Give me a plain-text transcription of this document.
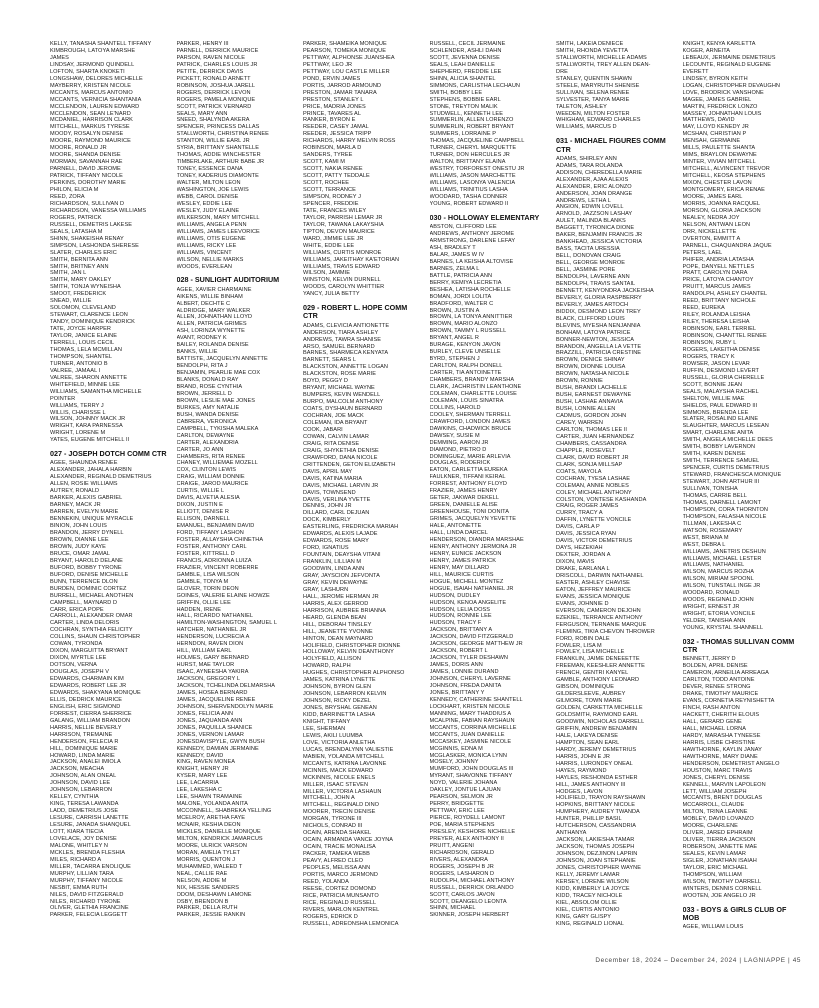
KELLY, TANASHA SHANTELL TIFFANY
KIMBROUGH, LATOYA MARSHE
JAMES
LINDSAY, JERMOND QUINDELL
LOFTON, SHARTA KNOKETI
LONGSHAW, DELORES MICHELLE
MAYBERRY, KRISTEN NICOLE
MCCANTS, MARCUS ANTONIO
MCCANTS, VERNICIA SHANTANIA
MCCLENDON, LAUREN EDWARD
MCCLENDON, SEAN LE'NARD
MCDANIEL, HARRISON CLARK
MITCHELL, MARKUS TYRESE
MOODY, ROSALYN DENISE
MOORE, RAYMOND MAURICE
MOORE, RONALD JR
MOORE, SHANDA DENISE
MORMAN, SAVANNAH RAE
PARNELL, DAVID JEROME
PATRICK, TIFFANY NICOLE
PERKINS, DOROTHY MARIE
PHILON, ELICIA M
REED, ZORA
RICHARDSON, SULLIVAN D
RICHARDSON, VANESSA WILLIAMS
ROGERS, PATRICK
RUSSELL, DEMETRIS LAKESE
SEALS, LATASHA M
SHINN, SHAKEISHA RENAY
SIMPSON, LASHONDA SHERESE
SLATER, CHARLES ERIC
SMITH, BERNITA ANN
SMITH, BRITNEY ANN
SMITH, JAN L
SMITH, MARY OAKLEY
SMITH, TONJA WYNEISHA
SMOOT, FREDERICK
SNEAD, WILLIE
SOLOMON, CLEVELAND
STEWART, CLARENCE LEON
TANDY, DOMINIQUE KENDRICK
TATE, JOYCE HARPER
TAYLOR, JANICE ELAINE
TERRELL, LOUIS CECIL
THOMAS, LELA MCMILLAN
THOMPSON, SHANTEL
TURNER, ANTONIO B
VALREE, JAMAAL I
VALREE, SHARON ANNETTE
WHITEFIELD, MINNIE LEE
WILLIAMS, SAMANTHA MICHELLE
POINTER
WILLIAMS, TERRY J
WILLIS, CHARISSE L
WILSON, JOHNNY MACK JR
WRIGHT, KARA PARNESSA
WRIGHT, LORENE M
YATES, EUGENE MITCHELL II
027 - JOSEPH DOTCH COMM CTR
AGEE, SHAUNDA RENEE
ALEXANDER, JAHALA HARBIN
ALEXANDER, REGINALD DEMETRIUS
ALLEN, ROSIE WILLIAMS
AUTREY, RONALD
BARKER, ALEXIS GABRIEL
BARNEY, MACK JR
BARREN, EVELYN MARIE
BENNEKIN, UNIQUE MYRACLE
BINION, JOHN LOUIS
BRANDON, JERRY DYNELL
BROWN, DIANNE LEE
BROWN, JUDY KAYE
BRUCE, OMAR JAMAL
BRYANT, HAROLD DELANE
BUFORD, BOBBY TYRONE
BUFORD, DENISE MICHELLE
BUNN, TERRENCE DLON
BURDEN, DOMINIC CORTEZ
BURRELL, MICHAEL ANOTHEN
CAMPBELL, MAYNARD D
CARR, ERICA POPE
CARROLL, ALEXANDER OMAR
CARTER, LINDA DELORIS
COCHRAN, SYNTHIA FELICITY
COLLINS, SHAUN CHRISTOPHER
COWAN, TYRONDA
DIXON, MARGUITTA BRYANT
DIXON, MYRTLE LEE
DOTSON, VERNA
DOUGLAS, JOSEPH V
EDWARDS, CHARMAIN KIM
EDWARDS, ROBERT LEE JR
EDWARDS, SHAKYANA MONIQUE
ELLIS, DEDRICK MAURICE
ENGLISH, ERIC SIGMOND
FORREST, CIERRA SHERRICE
GALANG, WILLIAM BRANDON
HARRIS, NELLIE BEVERLY
HARRISON, TREMAINE
HENDERSON, FELECIA R
HILL, DOMINIQUE MARIE
HOWARD, LINDA MARIE
JACKSON, ANALEI IMIOLA
JACKSON, MEACHA
JOHNSON, ALAN ONEAL
JOHNSON, DAVID LEE
JOHNSON, LEBARRON
KELLEY, CYNTHIA
KING, TERESA LAWANDA
LADD, DEMETRIUS JOSE
LESURE, CARRISH LANETTE
LESURE, JANADA SHANQUEL
LOTT, KIARA TIECIA
LOVELACE, JOY DENISE
MALONE, WHITLEY N
MCKLES, BRENDA FLESHIA
MILES, RICHARD A
MILLER, TACARRA ENOLIQUE
MURPHY, LILLIAN TARA
MURPHY, TIFFANY NICOLE
NESBIT, EMMA RUTH
NILES, DAVID FITZGERALD
NILES, RICHARD TYRONE
OLIVER, GLETHIA FRANCINE
PARKER, FELECIA LEGGETT
PARKER, HENRY III
PARNELL, DERRICK MAURICE
PARSON, RAVEN NICOLE
PATRICK, CHARLES LOUIS JR
PETITE, DERRICK DAVIS
PICKETT, RONALD ARNETT
ROBINSON, JOSHUA JARELL
ROGERS, DERRICK LEVON
ROGERS, PAMELA MONIQUE
SCOTT, PATRICK VERNARD
SEALS, MARY ANN
SNEED, SHALYNDA AKERA
SPENCER, PRINCESS DALLAS
STALLWORTH, CHRISTINA RENEE
STANTON, WILLIE EARL JR
SYRIA, BRITTANY SHANTELLE
THOMAS, ADDIE WINCHESTER
TIMBERLAKE, ARTHUR BABE JR
TONEY, ESSENCE DANA
TONEY, KADERIUS DIAMONTE
WALTER, MILTON LEON
WASHINGTON, JOE LEWIS
WEBB, CAROL DENISE
WESLEY, EDDIE LEE
WESLEY, JUDY ELAINE
WILKERSON, MARY MITCHELL
WILLIAMS, ANGELA PENN
WILLIAMS, JAMES LEEVORICE
WILLIAMS, OTIS EUGENE
WILLIAMS, RICKY LEE
WILLIAMS, VINCENT
WILSON, NELLIE MARKS
WOODS, EVERLEAN
028 - SUNLIGHT AUDITORIUM
AGEE, XAVIER CHARMAINE
AIKENS, WILLIE BINHAM
ALBERT, DECHTE C
ALDRIDGE, MARY WALKER
ALLEN, JOHNATHAN LLOYD
ALLEN, PATRICIA GRIMES
ASH, LORINZA WYNETTE
AVANT, RODNEY K
BAILEY, ROLANDA DENISE
BANKS, WILLIE
BATTISTE, JACQUELYN ANNETTE
BENDOLPH, RITA J
BENJAMIN, PEARLIE MAE COX
BLANKS, DONALD RAY
BRAND, ROSE CYNTHIA
BROWN, JERRELL D
BROWN, LESLIE MAE JONES
BURKES, AMY NATALIE
BUSH, WANDA DENISE
CABRERA, VERONICA
CAMPBELL, TYKISHA MALEKA
CARLTON, DEWAYNE
CARTER, ALEXANDRIA
CARTER, JO ANN
CHAMBERS, RITA RENEE
CHANEY, WILLIEMAE MOZELL
COX, CLINTON LEWIS
CRAIG, WILLIAM DONNIE
CRAIGE, JAROD MAURICE
CURTIS, WILLIE L
DAVIS, ALVETIA ALESIA
DIXON, JUSTIN E
ELLIOTT, DENISE R
ELLISON, DARNELL
EMANUEL, BENJAMIN DAVID
FORD, TIFFANY LASHON
FOSTER, ALLAYSHIA CHINETHA
FOSTER, ANTHONY CARL
FOSTER, KITTRELL D
FRANCIS, ADRIONNA LUIZA
FRAZIER, VINCENT ROBERRE
GAMBLE, LISA WILSON
GAMBLE, TONYA M
GLOVER, TORIN DEON
GOINES, VALERIE ELAINE HOWZE
GRIFFIN, OLLIE LEE
HADDEN, IRENE
HALL, RICARDO NATHANIEL
HAMILTON-WASHINGTON, SAMUEL L
HATCHER, NATHANIEL JR
HENDERSON, LUCRECIA A
HERNDON, RAVEN DION
HILL, WILLIAM EARL
HOLMES, GARY BERNARD
HURST, MAE TAYLOR
ISAAC, AYNEESHA YAKIRA
JACKSON, GREGORY L
JACKSON, TCHELINDA DELMARSHA
JAMES, HOSEA BERNARD
JAMES, JACQUELINE RENEE
JOHNSON, SHERVENDOLYN MARIE
JONES, FELICIA ANN
JONES, JAQUANDA ANN
JONES, PAQUILLA SHANICE
JONES, VERNON LAMAR
JONESDAVISPYLE, GWYN BUSH
KENNEDY, DAMIAN JERMAINE
KENNEDY, DAVID
KING, RAVEN MONEA
KNIGHT, HENRY JR
KYSER, MARY LEE
LEE, LACARRIA
LEE, LAKESHA C
LEE, SHAWN TRAMAINE
MALONE, YOLANDA ANITA
MCCONNELL, SHABREKA YELLING
MCELROY, ARETHA FAYE
MCNAIR, KESHIA DEON
MICKLES, DANIELLE MONIQUE
MILTON, KENDRICK JAMARCUS
MOORE, ULRICK VARSON
MORAN, AMELIA TYLET
MORRIS, QUENTON J
MUHAMMED, WALEED T
NEAL, CALLIE RAE
NELSON, ADDIE M
NIX, HESSIE SANDERS
ODOM, DESHAWN LAMONE
OSBY, BRENDON B
PARKER, DELLA RUTH
PARKER, JESSIE RANKIN
PARKER, SHAMEIKA MONIQUE
PEARSON, TOMEKA MONIQUE
PETTWAY, ALPHONSE JUANSHEA
PETTWAY, LEO JR
PETTWAY, LOU CASTLE MILLER
POND, ERVIN JAMES
PORTIS, JARROD ARMOUND
PRESTON, JAMAR TANARA
PRESTON, STANLEY L
PRICE, MADRIA JONES
PRINCE, TAVARES AL
RANKER, BYRON E
REEDER, CASEY JAMAL
REEDER, JESSICA TRIPP
RICHARDS, HARRY MELVIN ROSS
ROBINSON, MARLA D
SANDERS, TYREE
SCOTT, KAMI M
SCOTT, NAKIA RENEE
SCOTT, PATTY TEDDALE
SCOTT, ROCHEE
SCOTT, TERRANCE
SIMPSON, RODNEY J
SPENCER, FREDDIE
TATE, FRANCES WILEY
TAYLOR, PARRISH LEMAR JR
TAYLOR, TAWANA LAKAYSHIA
TIPTON, DEVON MAURICE
WARD, JIMMIE LEE JR
WHITE, EDDIE LEE
WILLIAMS, CURTIS MONROE
WILLIAMS, JAKEITHAY KA'ETORIAN
WILLIAMS, TRAVIS EDWARD
WILSON, JAMMIE
WINSTON, KELVIN DURNELL
WOODS, CAROLYN WHITTIER
YANCY, JULIA BETTY
029 - ROBERT L. HOPE COMM CTR
ADAMS, CLEVICIA ANTIONETTE
ANDERSON, TIARA ASHLEY
ANDREWS, TAWRA SHANISE
ARSO, SAMUEL BERNARD
BARNES, SHARMECA KENYATA
BARNETT, SEARS L
BLACKSTON, ANNETTE LOGAN
BLACKSTON, ROSE MARIE
BOYD, PEGGY D
BRYANT, MICHAEL WAYNE
BUMPERS, KEVIN WENDELL
BURPO, MALCOLM ANTHONY
COATS, DYSHAUN BERNARD
COCHRAN, JOE MACK
COLEMAN, IDA BRYANT
COOK, JABARI
COWAN, CALVIN LAMAR
CRAIG, RITA DENISE
CRAIG, SHYKETHIA DENISE
CRAWFORD, DANA NICOLE
CRITTENDEN, GETON ELIZABETH
DAVIS, APRIL MAY
DAVIS, KATINA MARIA
DAVIS, MICHAEL LARVIN JR
DAVIS, TOWNSEND
DAVIS, VERLINA YVETTE
DENNIS, JOHN JR
DILLARD, CARL DEJUAN
DOCK, KIMBERLY
EASTERLING, FREDRICKA MARIAH
EDWARDS, ALEXIS LAJADE
EDWARDS, ROSE MARY
FORD, IGNATIUS
FOUNTAIN, DEAYSHA VITANI
FRANKLIN, LILLIAN M
GOODWIN, LINDA ANN
GRAY, JAYSCION JEFVONTA
GRAY, KEVIN DEWAYNE
GRAY, LASHURN
HALL, JEROME HERMAN JR
HARRIS, ALEX GERROD
HARRISON, AUBREE BRIANNA
HEARD, GLENDA BEAN
HILL, DEBORAH TINSLEY
HILL, JEANETTE YVONNE
HINTON, DEAN MAYNARD
HOLIFIELD, CHRISTOPHER DIONNE
HOLLOWAY, KELVIN DEANTHONY
HOLYFIELD, ALLISON
HOWARD, RALPH
HUGHES, CHRISTOPHER ALPHONSO
JAMES, KATRINA LYNETTE
JOHNSON, BYRON GLEN
JOHNSON, LEBARRON KELVIN
JOHNSON, RICKY DEZEL
JONES, BRYSHAL GENEAN
KIDD, BARRINETTA LASHA
KNIGHT, TIFFANY
LEE, SHERMAN
LEWIS, AKILI LUUMBA
LOVE, VICTORIA ANLETHA
LUCAS, BRENDALYNN VALIESTIE
MABIEN, YOLANDA MITCHELL
MCCANTS, KATRINA LAVONNE
MCINNIS, MACK EDWARD
MCKINNIS, NICOLE ENELS
MILLER, ISAAC STEVEN
MILLER, VICTORIA LASHAUN
MITCHELL, JOHN A
MITCHELL, REGINALD DINO
MOORER, TRECIN DENISE
MORGAN, TYRONE III
NICHOLS, CONRAD III
OCAIN, ARENDA SHAKEL
OCAIN, ARMANDA VANCE JOYNA
OCAIN, TRACIE MONALISA
PACKER, TAMEKA WEBB
PEAVY, ALFRED CLEO
PEOPLES, MELISSA ANN
PORTIS, MARCO JERMOND
REED, YOLANDA
REESE, CORTEZ DOMOND
RICE, PATRICIA MUNSANTO
RICE, REGINALD RUSSELL
RIVERS, MARLON KENTREL
ROGERS, EDRICK D
RUSSELL, ADREONSHA LEMONICA
RUSSELL, CECIL JERMAINE
SCHLENDER, ASHLI DAHN
SCOTT, JEVENNA DENISE
SEALS, LEAH DANIELLE
SHEPHERD, FREDDIE LEE
SHINN, ALICIA SHANTEL
SIMMONS, CARLISTHA LECHAUN
SMITH, BOBBY LEE
STEPHENS, BOBBIE EARL
STONE, TREYTON MALIK
STUDWELL, KENNETH LEE
SUMMERLIN, ALLEN LORENZO
SUMMERLIN, ROBERT BRYANT
SUMMERS, LORRAINE P
THOMAS, JACQUELINE CAMPBELL
TURNER, CHERYL MARQUETTE
TURNER, DON HERCULES JR
WALTON, BRITTANY ELAINA
WESTRY, TORFOREST ONESTU JR
WILLIAMS, JASON MARCHETTE
WILLIAMS, LASONYA VALENCIA
WILLIAMS, TRINITIUS LASHA
WOODARD, TASHA CONNER
YOUNG, ROBERT EDWARD II
030 - HOLLOWAY ELEMENTARY
ABSTON, CLIFFORD LEE
ANDREWS, ANTHONY JEROME
ARMSTRONG, DARLENE LEFAY
ASH, BRADLEY T
BALAR, JAMES W IV
BARNES, LA KEISHA ALTOVISE
BARNES, ZELMA L
BATTLE, PATRICIA ANN
BERRY, KEMIYA LECRETIA
BESHEA, LATISHA ROCHELLE
BOMAN, JORDI LOLITA
BRADFORD, WALTER C
BROWN, JUSTIN A
BROWN, LA TONYA ANNITTIER
BROWN, MARIO ALONZO
BROWN, TAMMY L RUSSELL
BRYANT, ANGEL R
BURAGE, KENYON JAVON
BURLEY, CLEVE UNSELLE
BYRD, STEPHEN J
CARLTON, RALPH DONELL
CARTER, TIA ANTOINETTE
CHAMBERS, BRANDY MARSHA
CLARK, JACHRISTIN LEANTHONE
COLEMAN, CHARLETTE LOUISE
COLEMAN, LOUIS SINATRA
COLLINS, HAROLD
COOLEY, SHERMAN TERRELL
CRAWFORD, LONDON JAMES
DAWKINS, CHADWICK BRUCE
DAWSEY, SUSIE M
DEMMING, AARON JR
DIAMOND, PIETRO D
DOMINGUEZ, MARIE ARLEVIA
DOUGLAS, RODERICK
EATON, CARLETTIA EUREKA
FAULKNER, TIFFANI KEIRAL
FORREST, ANTHONY FLOYD
FRAZIER, JAMES HENRY
GETER, JAKWAR DEKELL
GREEN, DANIELLE ALISE
GREENHOUSE, TONI DONITA
GRIMES, JACQUELYN YEVETTE
HALE, ANTONETTE
HALL, LINDA DARCEL
HENDERSON, DIANDRA MARSHAE
HENRY, ANTHONY JERMONA JR
HENRY, EUNICE JACKSON
HENRY, JAMES PATRICK
HENRY, MAY DILLARD
HILL, MAURICE CURTIS
HOGUE, MICHELL MONTEZ
HOGUE, ISAIAH NATHANIEL JR
HUDSON, DUDLEY
HUDSON, KENOA ANGELITE
HUDSON, LELIA DOSS
HUDSON, RONNIE LEE
HUDSON, TRACY F
JACKSON, BRITTANY A
JACKSON, DAVID FITZGERALD
JACKSON, GEORGE MATTHEW JR
JACKSON, ROBERT L
JACKSON, TYLER DESHAWN
JAMES, DORIS ANN
JAMES, LONNIE DURAND
JOHNSON, CHERYL LAVERNE
JOHNSON, FREDA DANITA
JONES, BRITTANY Y
KENNEDY, CATHERINE SHANTELL
LOCKHART, KRISTEN NICOLE
MANNING, MARY THADDIUS A
MCALPINE, FABIAN RAYSHAUN
MCCANTS, CORRINA MICHELLE
MCCANTS, JUAN DANIELLE
MCCASKEY, JASMINE NICOLE
MCGINNIS, EDNA M
MCGLASKER, MONICA LYNN
MOSELY, JOHNNY
MUMFORD, JOHN DOUGLAS III
MYRANT, SHAVONNE TIFFANY
NOYD, VALERIE JOHANA
OAKLEY, JONTUE LAJUAN
PEARSON, SELMON JR
PERRY, BRIDGETTE
PETTWAY, ERIC LEE
PIERCE, ROYDELL LAMONT
POE, MARIA STEPHENS
PRESLEY, KESHORE NICHELLE
PREYER, ALEX ANTHONY II
PRUITT, ANGENI
RICHARDSON, GERALD
RIVERS, ALEXANDRA
ROGERS, JOSEPH B JR
ROGERS, LASHARON D
RUDOLPH, MICHAEL ANTHONY
RUSSELL, DERRICK ORLANDO
SCOTT, CARLOS JAVON
SCOTT, DEANGELO LEONTA
SHINN, MICHAEL
SKINNER, JOSEPH HERBERT
SMITH, LAKEIA DENIECE
SMITH, RHONDA YEVETTA
STALLWORTH, MICHELLE ADAMS
STALLWORTH, TREY ALLEN DEAN-
DRE
STANLEY, QUENTIN SHAWN
STEELE, MARYRUTH SHENISE
SULLIVAN, SELENA RENEE
SYLVESTER, TANYA MARIE
TALETON, ASHLEY
WEEDEN, MILTON FOSTER
WHIGHAM, EDWARD CHARLES
WILLIAMS, MARCUS D
031 - MICHAEL FIGURES COMM CTR
ADAMS, SHIRLEY ANN
ADAMS, TARA ROLANDA
ADDISON, CHEREDELLA MARIE
ALEXANDER, AJAA ALEXIS
ALEXANDER, ERIC ALONZO
ANDERSON, JOAN DRANGE
ANDREWS, LETHA L
ANGION, EDWIN LOVELL
ARNOLD, JAZZSON LASHAY
AULET, MALINDA BLANKS
BAGGETT, TYRONICA DIONE
BAKER, BENJAMIN FRANCIS JR
BANKHEAD, JESSICA VICTORIA
BASS, TACITA URESSIA
BELL, DONOVAN CRAIG
BELL, GEORGE MONROE
BELL, JASMINE PORE
BENDOLPH, LAVERNE ANN
BENDOLPH, TRAVIS SANTAIL
BENNETT, KENYONDRA JACKEISHA
BEVERLY, GLORIA RASPBERRY
BEVERLY, JAMES ARTOCH
BIDDIX, DESMOND LEON TREY
BLACK, CLIFFORD LOUIS
BLEVINS, MYESHA NENJANNIA
BONHAM, LATOYA PATRICE
BONNER-NEWTON, JESSICA
BRANDON, ANGELLA LA VETTE
BRAZZILL, PATRICIA CRESTINE
BROWN, DENICE SHINAY
BROWN, DIONNE LOUISA
BROWN, NATASHA NICOLE
BROWN, RONNIE
BUSH, BRANDI LACHELLE
BUSH, EARNEST DEWAYNE
BUSH, LASHAE ANNAVIA
BUSH, LONNIE ALLEN
CADMUS, GORDON JOHN
CAREY, WARREN
CARLTON, THOMAS LEE II
CARTER, JUAN HERNANDEZ
CHAMBERS, CASSANDRA
CHAPPLE, ROSEVELT
CLARK, DAVID ROBERT JR
CLARK, SONJA MILLSAP
COATS, MAYOLA
COCHRAN, TYESA LASHAE
COLEMAN, ANNIE NOBLES
COLEY, MICHAEL ANTHONY
COLSTON, VONTESE KASHANDA
CRAIG, ROGER JAMES
CURRY, TRACY A
DAFFIN, LYNETTE VONCILE
DAVIS, CARLA P
DAVIS, JESSICA RYAN
DAVIS, VICTOR DEMETRIUS
DAYS, HEZEKIAH
DEXTER, JORDAN A
DIXON, MAVIS
DRAKE, EARLANA L
DRISCOLL, DARWIN NATHANIEL
EASTER, ASHLEY CHAVISE
EATON, JEFFREY MAURICE
EVANS, JESSICA MONIQUE
EVANS, JOHNNIE D
EVERSON, CAMERON DEJOHN
EZEKIEL, TERRANCE ANTHONY
FERGUSON, TERNANIE MARQUE
FLEMING, TIKIA CHEVON THROWER
FORD, ROBIN DALE
FOWLER, LISA M
FOWLEY, LISA MICHELLE
FRANKLIN, JAIME DENEEETTE
FREEMAN, KEESHLER ANNETTE
FRENCH, GENTRI KANYEL
GAMBLE, ANTHONY LEONARD
GIBSON, DOMINIQUE
GILDERSLEEVE, AUBREY
GILMORE, TOWN MARIE
GOLDEN, CARKETTA MICHELLE
GOLDSMITH, RAYMOND EARL
GOODWIN, NICHOLAS DARRELL
GRIFFIN, ANDREW BENJAMIN
HALE, LAKEYA DENISE
HAMPTON, SEAN EARL
HARDY, JEREMY DEMETRIUS
HARRIS, JOHN E JR
HARRIS, LURONDEY ONEAL
HAYES, RAYMOND
HAYLES, RESHONDA ESTHER
HILL, JAMES ANTHONY III
HODGES, LAVON
HOLIFIELD, TRAYON RAYSHAWN
HOPKINS, BRITTANY NICOLE
HUMPHERY, AUDREY TWANDA
HUNTER, PHILLIP BASIL
HUTCHERSON, CASSANDRIA
ANTHANYA
JACKSON, LAKIESHA TAMAR
JACKSON, THOMAS JOSEPH
JOHNSON, DEZJINON LAPRIN
JOHNSON, JOAN STEPHANIE
JONES, CHRISTOPHER WAYNE
KELLY, JEREMY LAMAR
KERSEY, LORENE WILSON
KIDD, KIMBERLY LA JOYCE
KIDD, TRACEY NICHOLE
KIEL, ABSOLOM OLLIE
KIEL, CURTIS ANTONIO
KING, GARY GLISPY
KING, REGINALD LIONAL
KNIGHT, KENYA KARLETTA
KOGER, ARNEITA
LEBEAUX, JERMAINE DEMETRIUS
LECOUNTE, REGINALD EUGENE
EVERETT
LINDSEY, BYRON KEITH
LOGAN, CHRISTOPHER DEVAUGHN
LOVE, BRODRICK VANSHONE
MAGEE, JAMES GABRIEL
MARTIN, FREDRICK LONZO
MASSEY, JOHNATHAN LOUIS
MATTHEWS, DAVID
MAY, LLOYD KENEDY JR
MCSHAN, CHRISTIAN P
MENSAH, GERMAINE
MILLS, PAULETTE SHANTA
MIMS, BRAYLON DEWAYNE
MINTER, VIVIAN MITCHELL
MITCHELL, ALVINCENT TREVOR
MITCHELL, KEOSA STEPHENS
MIXON, CHESTER LAVON
MONTGOMERY, ERICA RENAE
MOORE, JAMES EARL
MORRIS, JOANNA RACQUEL
MORSON, GLORIA JACKSON
NEALEY, NEDRA JOY
NELSON, ANTWAN LEON
ORR, NICKELLETTE
OVERTON, EMMITT A
PARNELL, CHAQUANDRA JAQUE
PETERS, LAEL
PHIFER, ANDRIA LATASHA
POPE, DANYELL NETTLES
PRATT, CAROLYN DARA
PRICE, LATOYA CHANTOY
PRUITT, MARCUS JAMES
RANDOLPH, ASHLEY CHANTEL
REED, BRITTANY NICHOLE
REED, EUREKA
RILEY, ROLANDA LEISHA
RILEY, THERESA LEISHA
ROBINSON, EARL TERRIEL
ROBINSON, CHANTTEL RENEE
ROBINSON, RUBY L
ROGERS, LAKEITHA DENISE
ROGERS, TRACY K
ROWSER, JASON LEVAR
RUFFIN, DESMOND LEVERT
RUSSELL, GLORIA CHERELLE
SCOTT, BONNIE JEAN
SEALS, MALAYSHA RACHEL
SHELTON, WILLIE MAE
SHIELDS, PAUL EDWARD III
SIMMONS, BRENDA LEE
SLATER, ROSALIND ELAINE
SLAUGHTER, MARCUS LESEAN
SMART, CHARLENE ANITA
SMITH, ANGELA MICHELLE DEES
SMITH, BOBBY LAVERNON
SMITH, KAREN DENISE
SMITH, TERRENCE SAMUEL
SPENCER, CURTIS DEMETRIUS
STEWARD, FRANCHESCA MONIQUE
STEWART, JOHN ARTHUR III
SULLIVAN, TONISHA
THOMAS, CARRIE BELL
THOMAS, DARNELL LAMONT
THOMPSON, CORA THORNTON
THOMPSON, FALASHA NICOLE
TILLMAN, LAKESHA C
WATSON, ROSEMARY
WEST, BRIANA M
WEST, DEBRA L
WILLIAMS, JANETRIS DESHUN
WILLIAMS, MICHAEL LESTER
WILLIAMS, NATHANIEL
WILSON, MARCUS ROZHA
WILSON, MIRIAM SPOONL
WILSON, TUNSTALL INGE JR
WOODARD, RONALD
WOODS, REGINALD JOHN
WRIGHT, ERNEST JR
WRIGHT, ETORIA VONCILE
YELDER, TANISHA ANN
YOUNG, KRYSTAL SHANNELL
032 - THOMAS SULLIVAN COMM CTR
BENNETT, JERRY D
BOLDEN, APRIL DENISE
CAMERON, ARNEILIA ARREAGA
CARLTON, TODD ANTOINE
DEVER, RENEE STRONG
DRAKE, TIMOTHY MAURICE
EVANS, CORNETIA REYNISHETTA
FINCH, RASH ANTON
HACKETT, CHERITH ELOUIS
HALL, GERARD GENE
HALL, MICHAEL LORNA
HARDY, MARASHA TYNEESE
HARRIS, LISBE CHRISTINE
HAWTHORNE, KAYLIN JANAY
HAWTHORNE, MARY DIANE
HENDERSON, DEMETRIST ANGELO
HOUSTON, MARC TRAVIS
JONES, CHERYL DENISE
KENNELL, MARVIN LAPOLEON
LETT, WILLIAM JOSEPH
MCCANTS, BRENT DOUGLAS
MCCARROLL, CLAUDE
MILTON, TRINA LEANNE
MOBLEY, DAVID LOVANZO
MOORE, CHARLENE
OLIVER, JARED EPHRAIM
OLIVER, TIERRA JACKSON
ROBERSON, JANETTE MAE
SEALES, KEVIN LAMAR
SIGLER, JONATHAN ISAIAH
TAYLOR, ERIC MICHAEL
THOMPSON, WILLIAM
WILSON, TIMOTHY DARRELL
WINTERS, DENNIS CORNELL
WOOTEN, JOE ANGELO JR
033 - BOYS & GIRLS CLUB OF MOB
AGEE, WILLIAM LOUIS
December 18, 2024 – December 24, 2024 | LAGNIAPPE | 45
